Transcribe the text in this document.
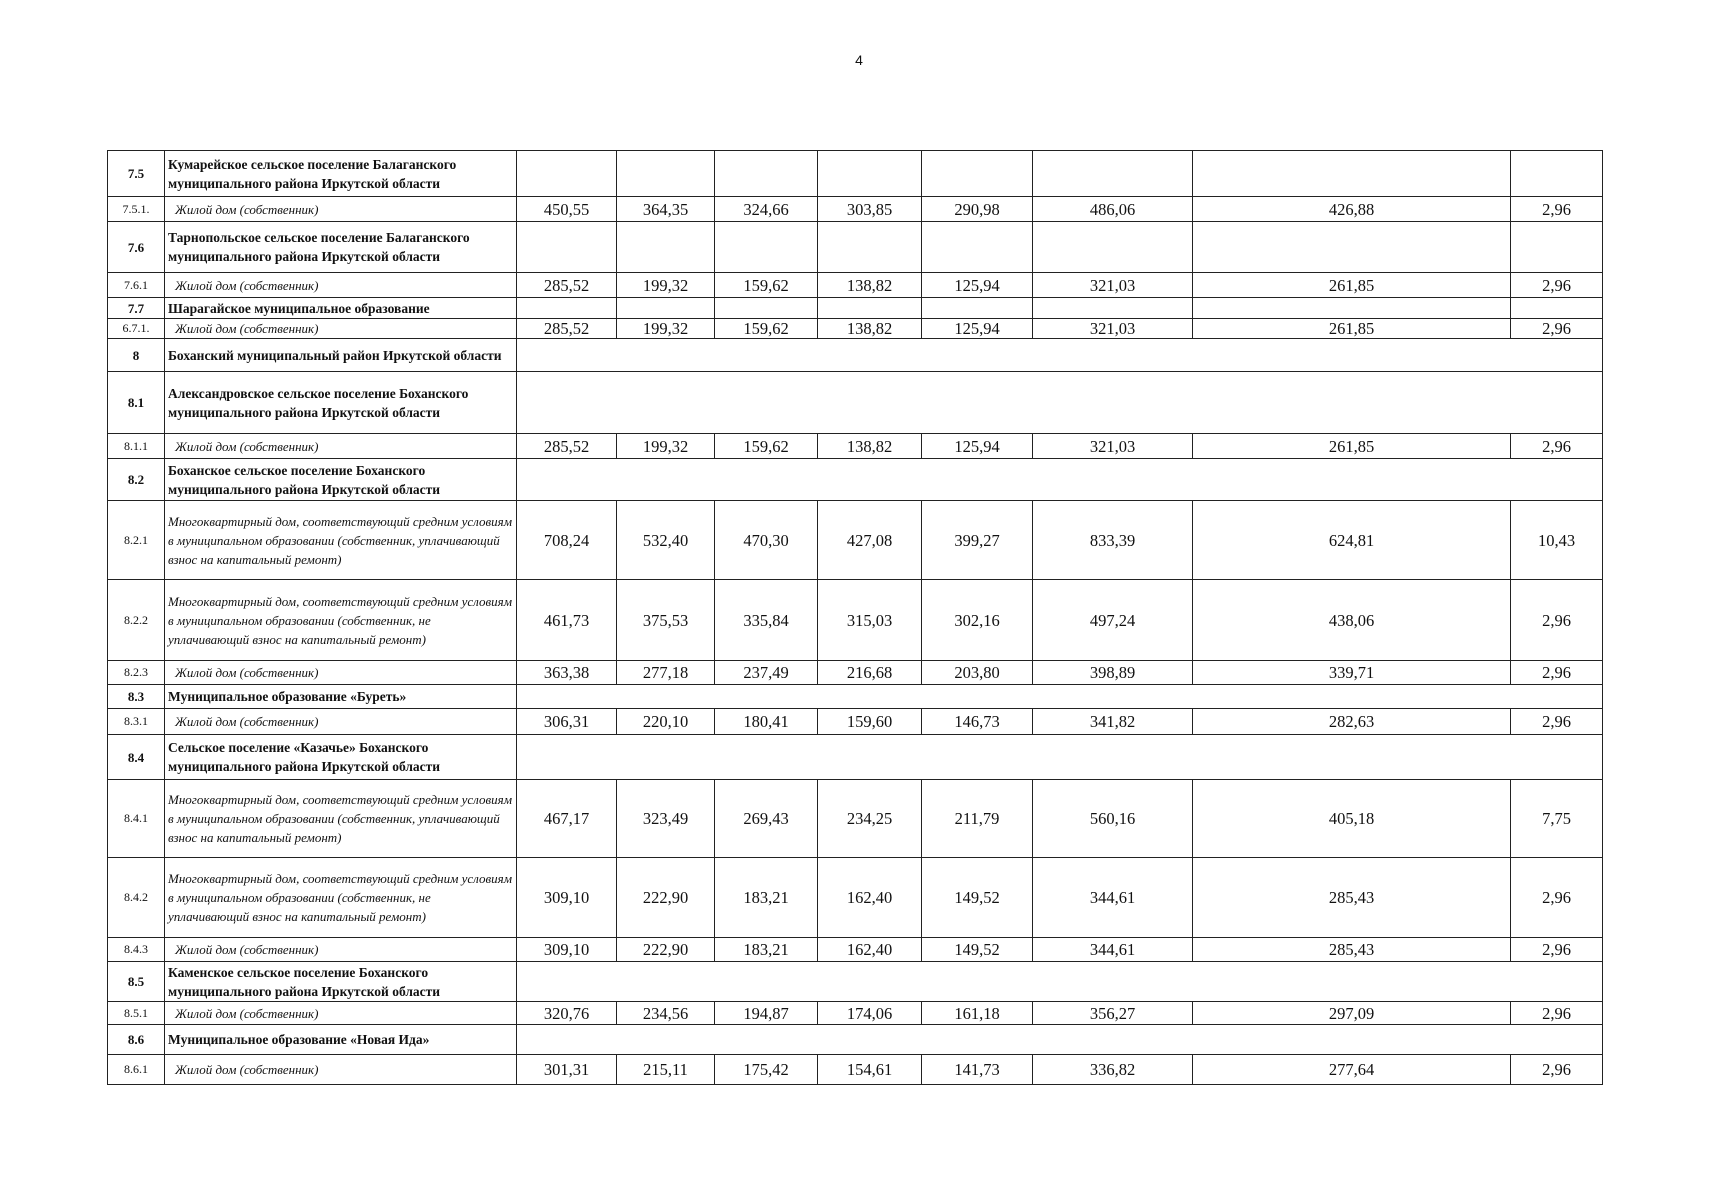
4
7.5	Кумарейское сельское поселение Балаганского муниципального района Иркутской области								
7.5.1.	Жилой дом (собственник)	450,55	364,35	324,66	303,85	290,98	486,06	426,88	2,96
7.6	Тарнопольское сельское поселение Балаганского муниципального района Иркутской области								
7.6.1	Жилой дом (собственник)	285,52	199,32	159,62	138,82	125,94	321,03	261,85	2,96
7.7	Шарагайское муниципальное образование								
6.7.1.	Жилой дом (собственник)	285,52	199,32	159,62	138,82	125,94	321,03	261,85	2,96
8	Боханский муниципальный район Иркутской области								
8.1	Александровское сельское поселение Боханского муниципального района Иркутской области								
8.1.1	Жилой дом (собственник)	285,52	199,32	159,62	138,82	125,94	321,03	261,85	2,96
8.2	Боханское сельское поселение Боханского муниципального района Иркутской области								
8.2.1	Многоквартирный дом, соответствующий средним условиям в муниципальном образовании (собственник, уплачивающий взнос на капитальный ремонт)	708,24	532,40	470,30	427,08	399,27	833,39	624,81	10,43
8.2.2	Многоквартирный дом, соответствующий средним условиям в муниципальном образовании (собственник, не уплачивающий взнос на капитальный ремонт)	461,73	375,53	335,84	315,03	302,16	497,24	438,06	2,96
8.2.3	Жилой дом (собственник)	363,38	277,18	237,49	216,68	203,80	398,89	339,71	2,96
8.3	Муниципальное образование «Буреть»								
8.3.1	Жилой дом (собственник)	306,31	220,10	180,41	159,60	146,73	341,82	282,63	2,96
8.4	Сельское поселение «Казачье» Боханского муниципального района Иркутской области								
8.4.1	Многоквартирный дом, соответствующий средним условиям в муниципальном образовании (собственник, уплачивающий взнос на капитальный ремонт)	467,17	323,49	269,43	234,25	211,79	560,16	405,18	7,75
8.4.2	Многоквартирный дом, соответствующий средним условиям в муниципальном образовании (собственник, не уплачивающий взнос на капитальный ремонт)	309,10	222,90	183,21	162,40	149,52	344,61	285,43	2,96
8.4.3	Жилой дом (собственник)	309,10	222,90	183,21	162,40	149,52	344,61	285,43	2,96
8.5	Каменское сельское поселение Боханского муниципального района Иркутской области								
8.5.1	Жилой дом (собственник)	320,76	234,56	194,87	174,06	161,18	356,27	297,09	2,96
8.6	Муниципальное образование «Новая Ида»								
8.6.1	Жилой дом (собственник)	301,31	215,11	175,42	154,61	141,73	336,82	277,64	2,96
